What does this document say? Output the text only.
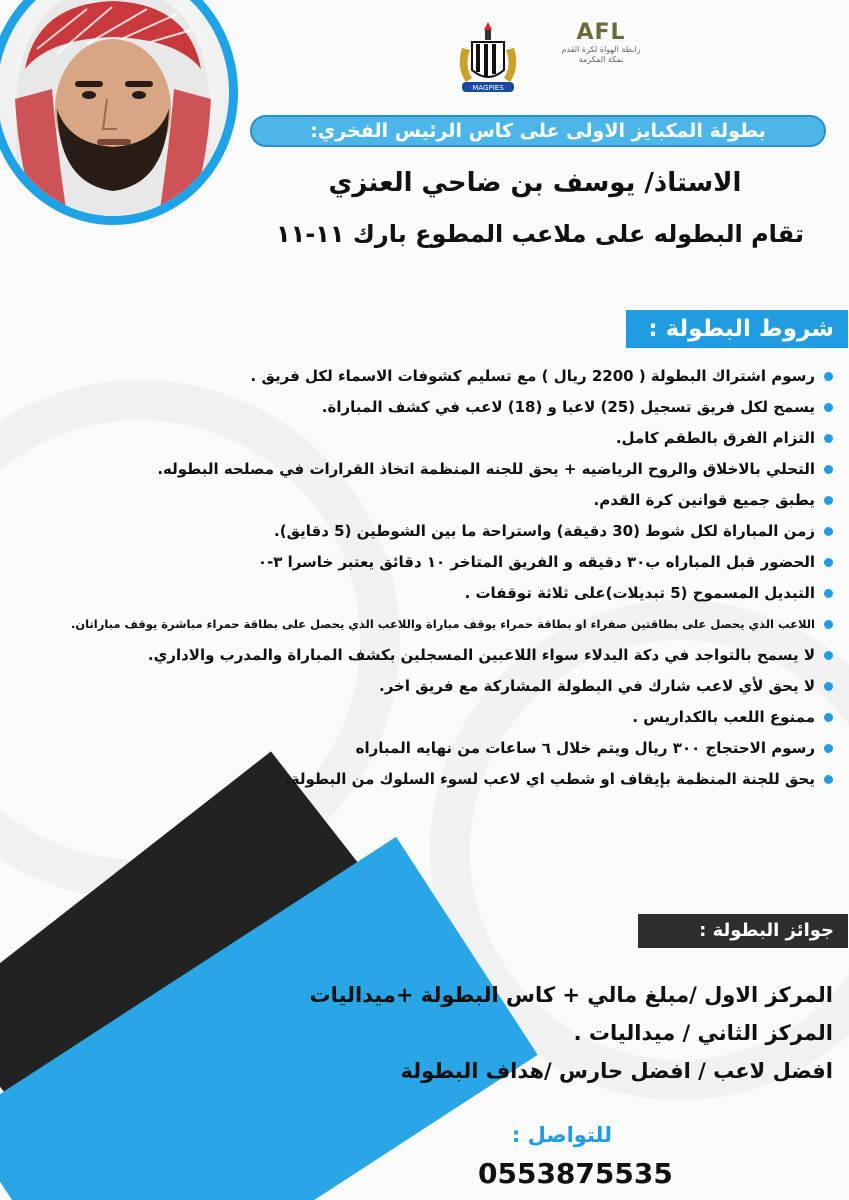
MAGPIES
AFL
رابطة الهواة لكرة القدم بمكة المكرمة
بطولة المكبايز الاولى على كاس الرئيس الفخري:
الاستاذ/ يوسف بن ضاحي العنزي
تقام البطوله على ملاعب المطوع بارك ١١-١١
شروط البطولة :
رسوم اشتراك البطولة ( 2200 ريال ) مع تسليم كشوفات الاسماء لكل فريق .
يسمح لكل فريق تسجيل (25) لاعبا و (18) لاعب في كشف المباراة.
التزام الفرق بالطقم كامل.
التحلي بالاخلاق والروح الرياضيه + يحق للجنه المنظمة اتخاذ القرارات في مصلحه البطوله.
يطبق جميع قوانين كرة القدم.
زمن المباراة لكل شوط (30 دقيقة) واستراحة ما بين الشوطين (5 دقايق).
الحضور قبل المباراه ب٣٠ دقيقه و الفريق المتاخر ١٠ دقائق يعتبر خاسرا ٣-٠
التبديل المسموح (5 تبديلات)على ثلاثة توقفات .
اللاعب الذي يحصل على بطاقتين صفراء او بطاقة حمراء يوقف مباراة واللاعب الذي يحصل على بطاقة حمراء مباشرة يوقف مباراتان.
لا يسمح بالتواجد في دكة البدلاء سواء اللاعبين المسجلين بكشف المباراة والمدرب والاداري.
لا يحق لأي لاعب شارك في البطولة المشاركة مع فريق اخر.
ممنوع اللعب بالكداريس .
رسوم الاحتجاج ٣٠٠ ريال ويتم خلال ٦ ساعات من نهايه المباراه
يحق للجنة المنظمة بإيقاف او شطب اي لاعب لسوء السلوك من البطولة.
جوائز البطولة :
المركز الاول /مبلغ مالي + كاس البطولة +ميداليات
المركز الثاني / ميداليات .
افضل لاعب / افضل حارس /هداف البطولة
للتواصل :
0553875535
